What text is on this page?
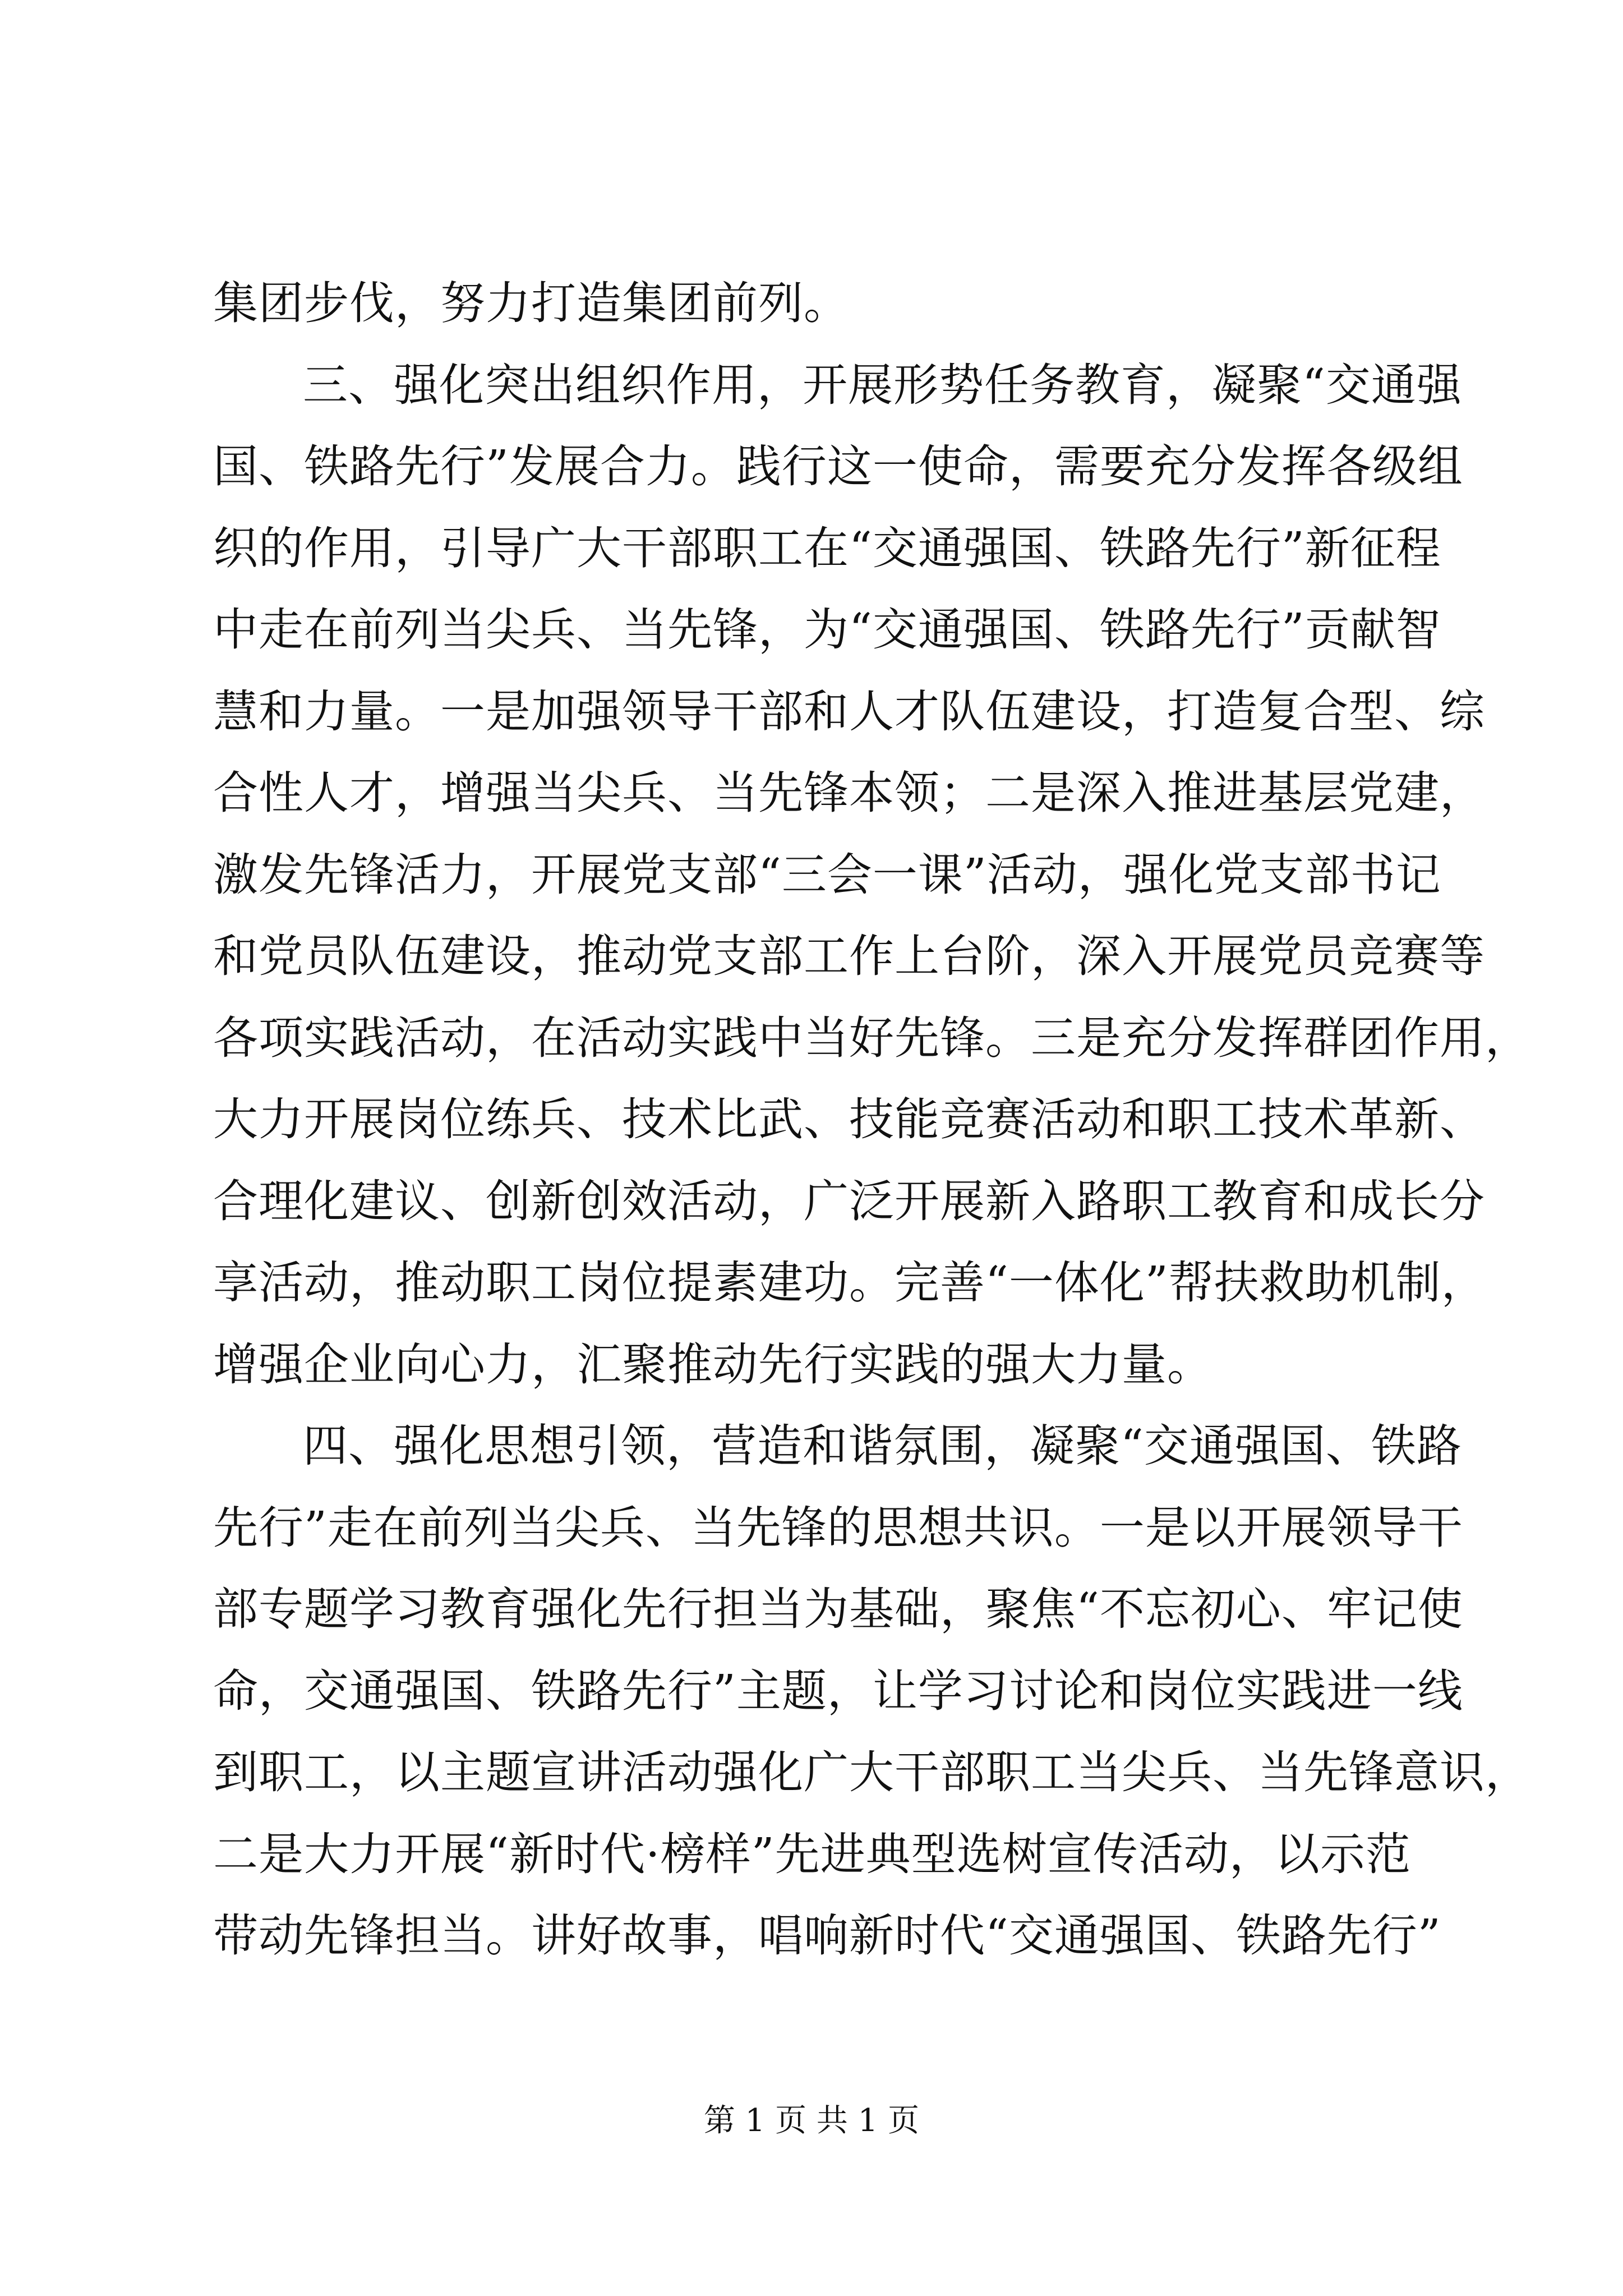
集团步伐，努力打造集团前列。
三、强化突出组织作用，开展形势任务教育，凝聚“交通强
国、铁路先行”发展合力。践行这一使命，需要充分发挥各级组
织的作用，引导广大干部职工在“交通强国、铁路先行”新征程
中走在前列当尖兵、当先锋，为“交通强国、铁路先行”贡献智
慧和力量。一是加强领导干部和人才队伍建设，打造复合型、综
合性人才，增强当尖兵、当先锋本领；二是深入推进基层党建，
激发先锋活力，开展党支部“三会一课”活动，强化党支部书记
和党员队伍建设，推动党支部工作上台阶，深入开展党员竞赛等
各项实践活动，在活动实践中当好先锋。三是充分发挥群团作用，
大力开展岗位练兵、技术比武、技能竞赛活动和职工技术革新、
合理化建议、创新创效活动，广泛开展新入路职工教育和成长分
享活动，推动职工岗位提素建功。完善“一体化”帮扶救助机制，
增强企业向心力，汇聚推动先行实践的强大力量。
四、强化思想引领，营造和谐氛围，凝聚“交通强国、铁路
先行”走在前列当尖兵、当先锋的思想共识。一是以开展领导干
部专题学习教育强化先行担当为基础，聚焦“不忘初心、牢记使
命，交通强国、铁路先行”主题，让学习讨论和岗位实践进一线
到职工，以主题宣讲活动强化广大干部职工当尖兵、当先锋意识，
二是大力开展“新时代·榜样”先进典型选树宣传活动，以示范
带动先锋担当。讲好故事，唱响新时代“交通强国、铁路先行”
第 1 页 共 1 页
